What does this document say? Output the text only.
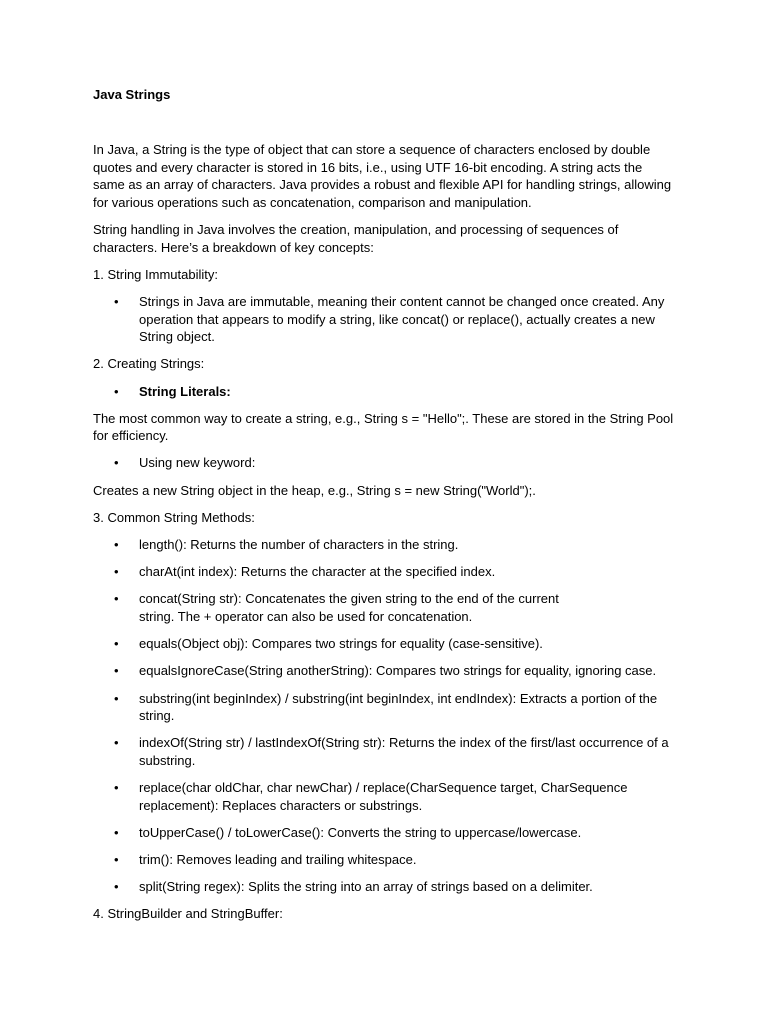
Java Strings

In Java, a String is the type of object that can store a sequence of characters enclosed by double quotes and every character is stored in 16 bits, i.e., using UTF 16-bit encoding. A string acts the same as an array of characters. Java provides a robust and flexible API for handling strings, allowing for various operations such as concatenation, comparison and manipulation.

String handling in Java involves the creation, manipulation, and processing of sequences of characters. Here’s a breakdown of key concepts:

1. String Immutability:

• Strings in Java are immutable, meaning their content cannot be changed once created. Any operation that appears to modify a string, like concat() or replace(), actually creates a new String object.

2. Creating Strings:

• String Literals:

The most common way to create a string, e.g., String s = "Hello";. These are stored in the String Pool for efficiency.

• Using new keyword:

Creates a new String object in the heap, e.g., String s = new String("World");.

3. Common String Methods:

• length(): Returns the number of characters in the string.
• charAt(int index): Returns the character at the specified index.
• concat(String str): Concatenates the given string to the end of the current string. The + operator can also be used for concatenation.
• equals(Object obj): Compares two strings for equality (case-sensitive).
• equalsIgnoreCase(String anotherString): Compares two strings for equality, ignoring case.
• substring(int beginIndex) / substring(int beginIndex, int endIndex): Extracts a portion of the string.
• indexOf(String str) / lastIndexOf(String str): Returns the index of the first/last occurrence of a substring.
• replace(char oldChar, char newChar) / replace(CharSequence target, CharSequence replacement): Replaces characters or substrings.
• toUpperCase() / toLowerCase(): Converts the string to uppercase/lowercase.
• trim(): Removes leading and trailing whitespace.
• split(String regex): Splits the string into an array of strings based on a delimiter.

4. StringBuilder and StringBuffer:
